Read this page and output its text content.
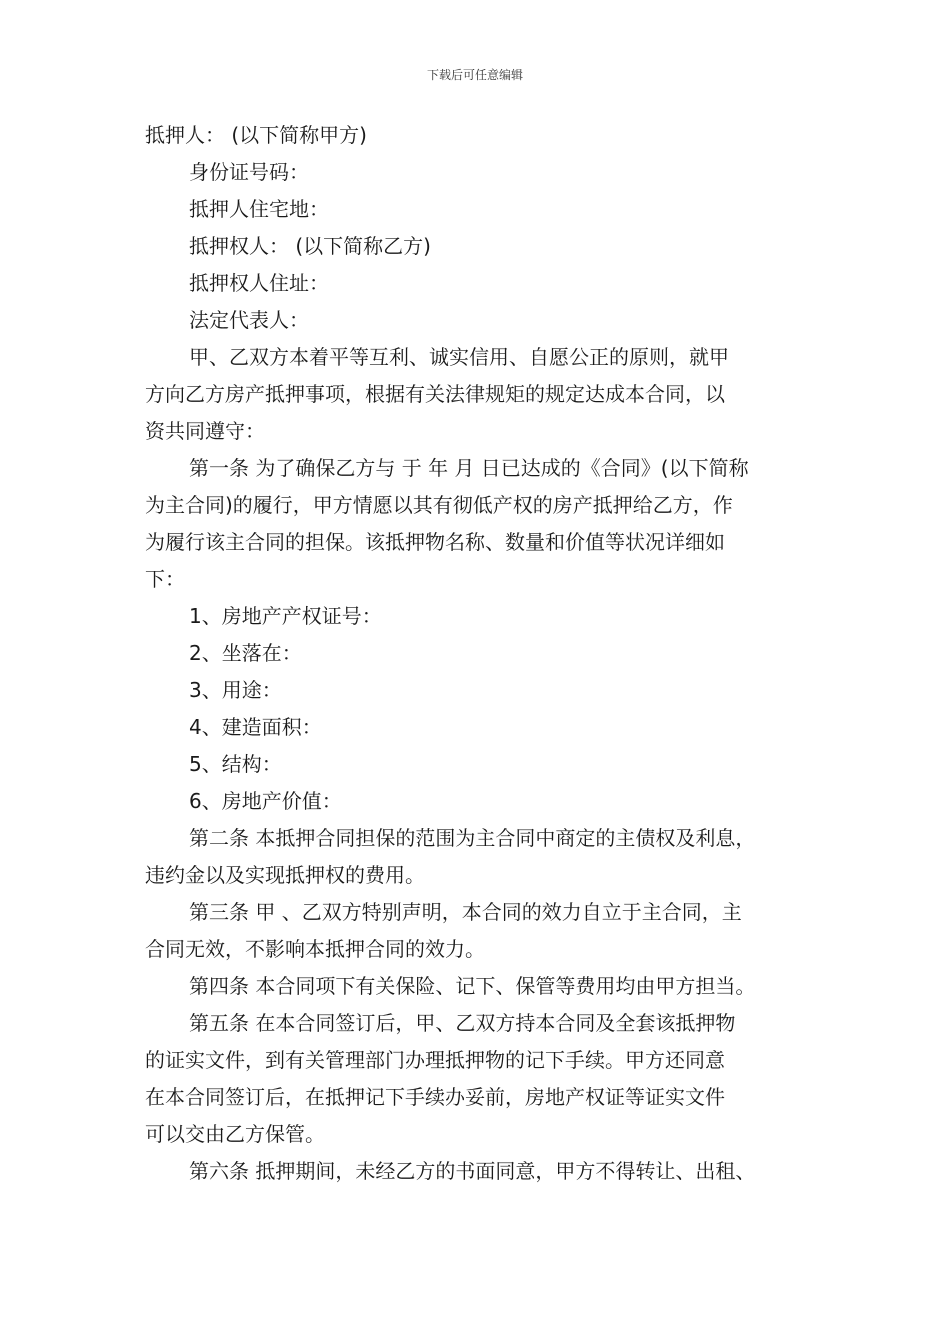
下载后可任意编辑
抵押人： (以下简称甲方)
身份证号码：
抵押人住宅地：
抵押权人： (以下简称乙方)
抵押权人住址：
法定代表人：
甲、乙双方本着平等互利、诚实信用、自愿公正的原则，就甲
方向乙方房产抵押事项，根据有关法律规矩的规定达成本合同，以
资共同遵守：
第一条 为了确保乙方与 于 年 月 日已达成的《合同》(以下简称
为主合同)的履行，甲方情愿以其有彻低产权的房产抵押给乙方，作
为履行该主合同的担保。该抵押物名称、数量和价值等状况详细如
下：
1、房地产产权证号：
2、坐落在：
3、用途：
4、建造面积：
5、结构：
6、房地产价值：
第二条 本抵押合同担保的范围为主合同中商定的主债权及利息，
违约金以及实现抵押权的费用。
第三条 甲 、乙双方特别声明，本合同的效力自立于主合同，主
合同无效，不影响本抵押合同的效力。
第四条 本合同项下有关保险、记下、保管等费用均由甲方担当。
第五条 在本合同签订后，甲、乙双方持本合同及全套该抵押物
的证实文件，到有关管理部门办理抵押物的记下手续。甲方还同意
在本合同签订后，在抵押记下手续办妥前，房地产权证等证实文件
可以交由乙方保管。
第六条 抵押期间，未经乙方的书面同意，甲方不得转让、出租、
